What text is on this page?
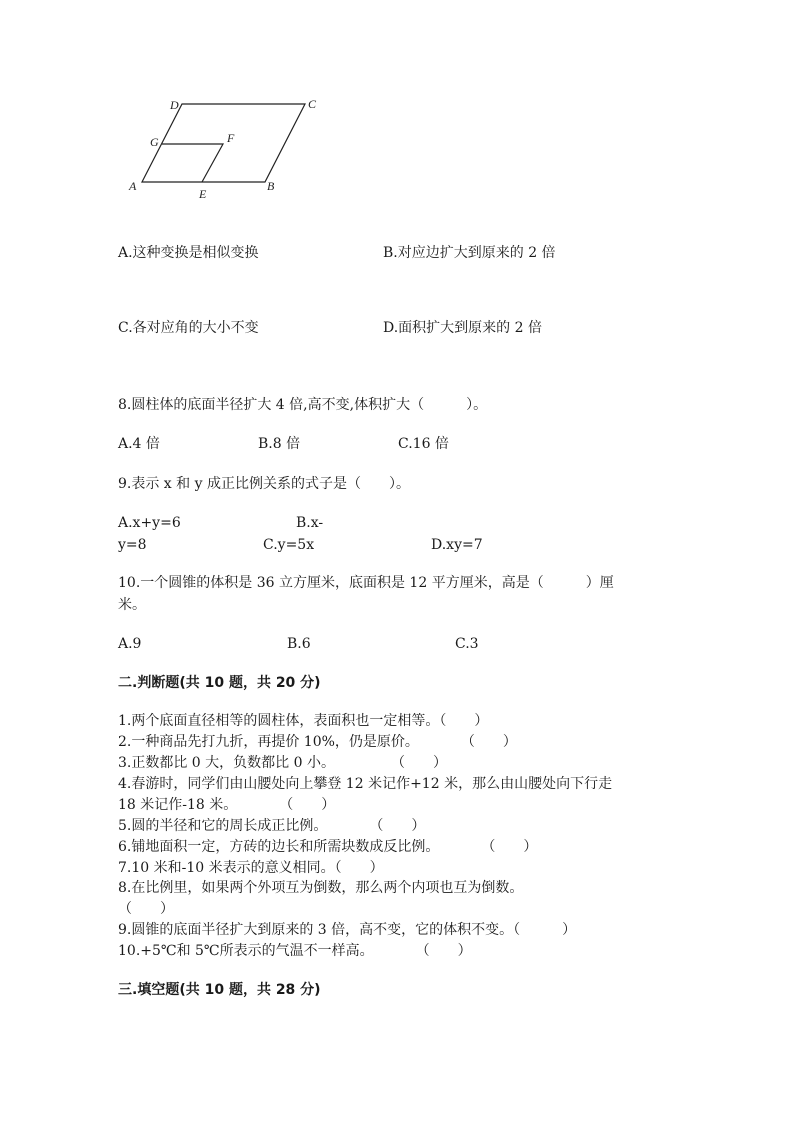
D	C
G	F
A
E
B
A.这种变换是相似变换	B.对应边扩大到原来的 2 倍
C.各对应角的大小不变	D.面积扩大到原来的 2 倍
8.圆柱体的底面半径扩大 4 倍,高不变,体积扩大（　　　）。
A.4 倍	B.8 倍	C.16 倍
9.表示 x 和 y 成正比例关系的式子是（　　）。
A.x+y=6	B.x-
y=8	C.y=5x	D.xy=7
10.一个圆锥的体积是 36 立方厘米，底面积是 12 平方厘米，高是（　　　）厘
米。
A.9	B.6	C.3
二.判断题(共 10 题，共 20 分)
1.两个底面直径相等的圆柱体，表面积也一定相等。（　　）
2.一种商品先打九折，再提价 10%，仍是原价。　　　　（　　）
3.正数都比 0 大，负数都比 0 小。　　　　　（　　）
4.春游时，同学们由山腰处向上攀登 12 米记作+12 米，那么由山腰处向下行走
18 米记作-18 米。　　　　（　　）
5.圆的半径和它的周长成正比例。　　　　（　　）
6.铺地面积一定，方砖的边长和所需块数成反比例。　　　　（　　）
7.10 米和-10 米表示的意义相同。（　　）
8.在比例里，如果两个外项互为倒数，那么两个内项也互为倒数。
（　　）
9.圆锥的底面半径扩大到原来的 3 倍，高不变，它的体积不变。（　　　）
10.+5℃和 5℃所表示的气温不一样高。　　　　（　　）
三.填空题(共 10 题，共 28 分)
